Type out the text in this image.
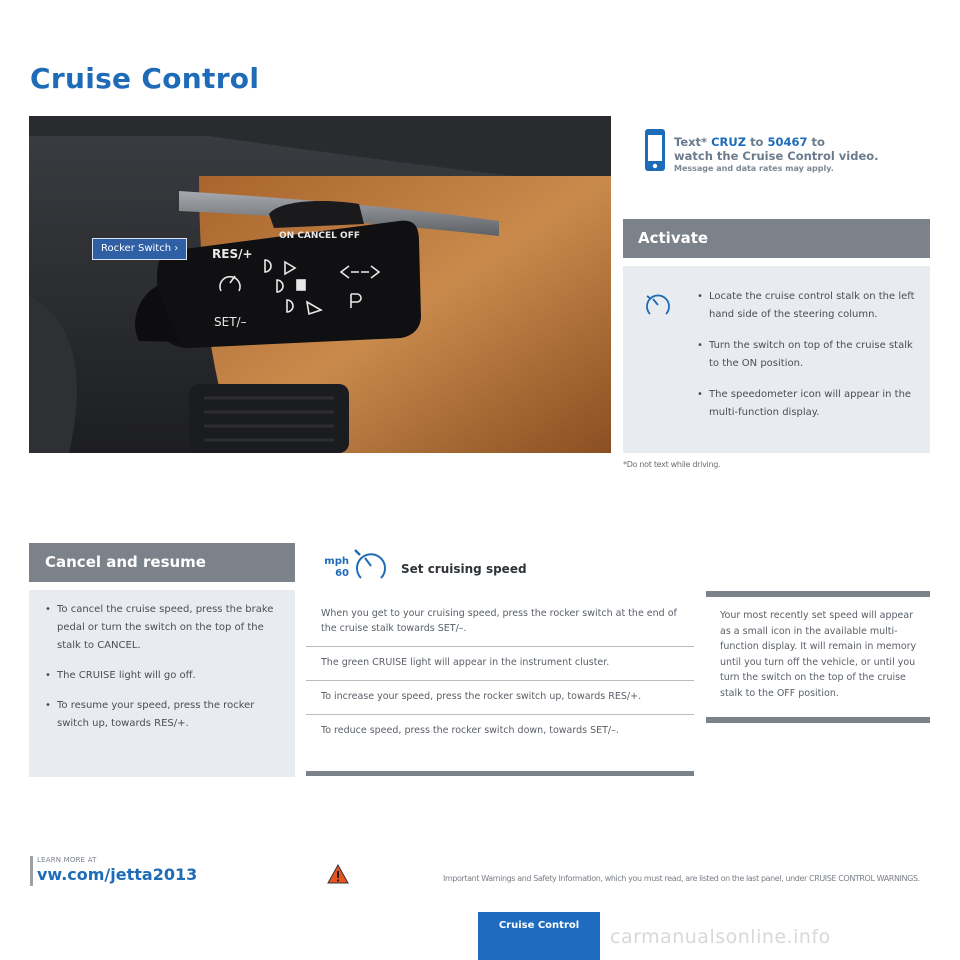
Cruise Control
RES/+
SET/–
ON CANCEL OFF
Rocker Switch ›
Text* CRUZ to 50467 to
watch the Cruise Control video.
Message and data rates may apply.
Activate
• Locate the cruise control stalk on the left hand side of the steering column.
• Turn the switch on top of the cruise stalk to the ON position.
• The speedometer icon will appear in the multi-function display.
*Do not text while driving.
Cancel and resume
• To cancel the cruise speed, press the brake pedal or turn the switch on the top of the stalk to CANCEL.
• The CRUISE light will go off.
• To resume your speed, press the rocker switch up, towards RES/+.
mph
60	Set cruising speed
When you get to your cruising speed, press the rocker switch at the end of the cruise stalk towards SET/–.
The green CRUISE light will appear in the instrument cluster.
To increase your speed, press the rocker switch up, towards RES/+.
To reduce speed, press the rocker switch down, towards SET/–.
Your most recently set speed will appear as a small icon in the available multi-function display. It will remain in memory until you turn off the vehicle, or until you turn the switch on the top of the cruise stalk to the OFF position.
LEARN MORE AT
vw.com/jetta2013	Important Warnings and Safety Information, which you must read, are listed on the last panel, under CRUISE CONTROL WARNINGS.
Cruise Control
carmanualsonline.info
